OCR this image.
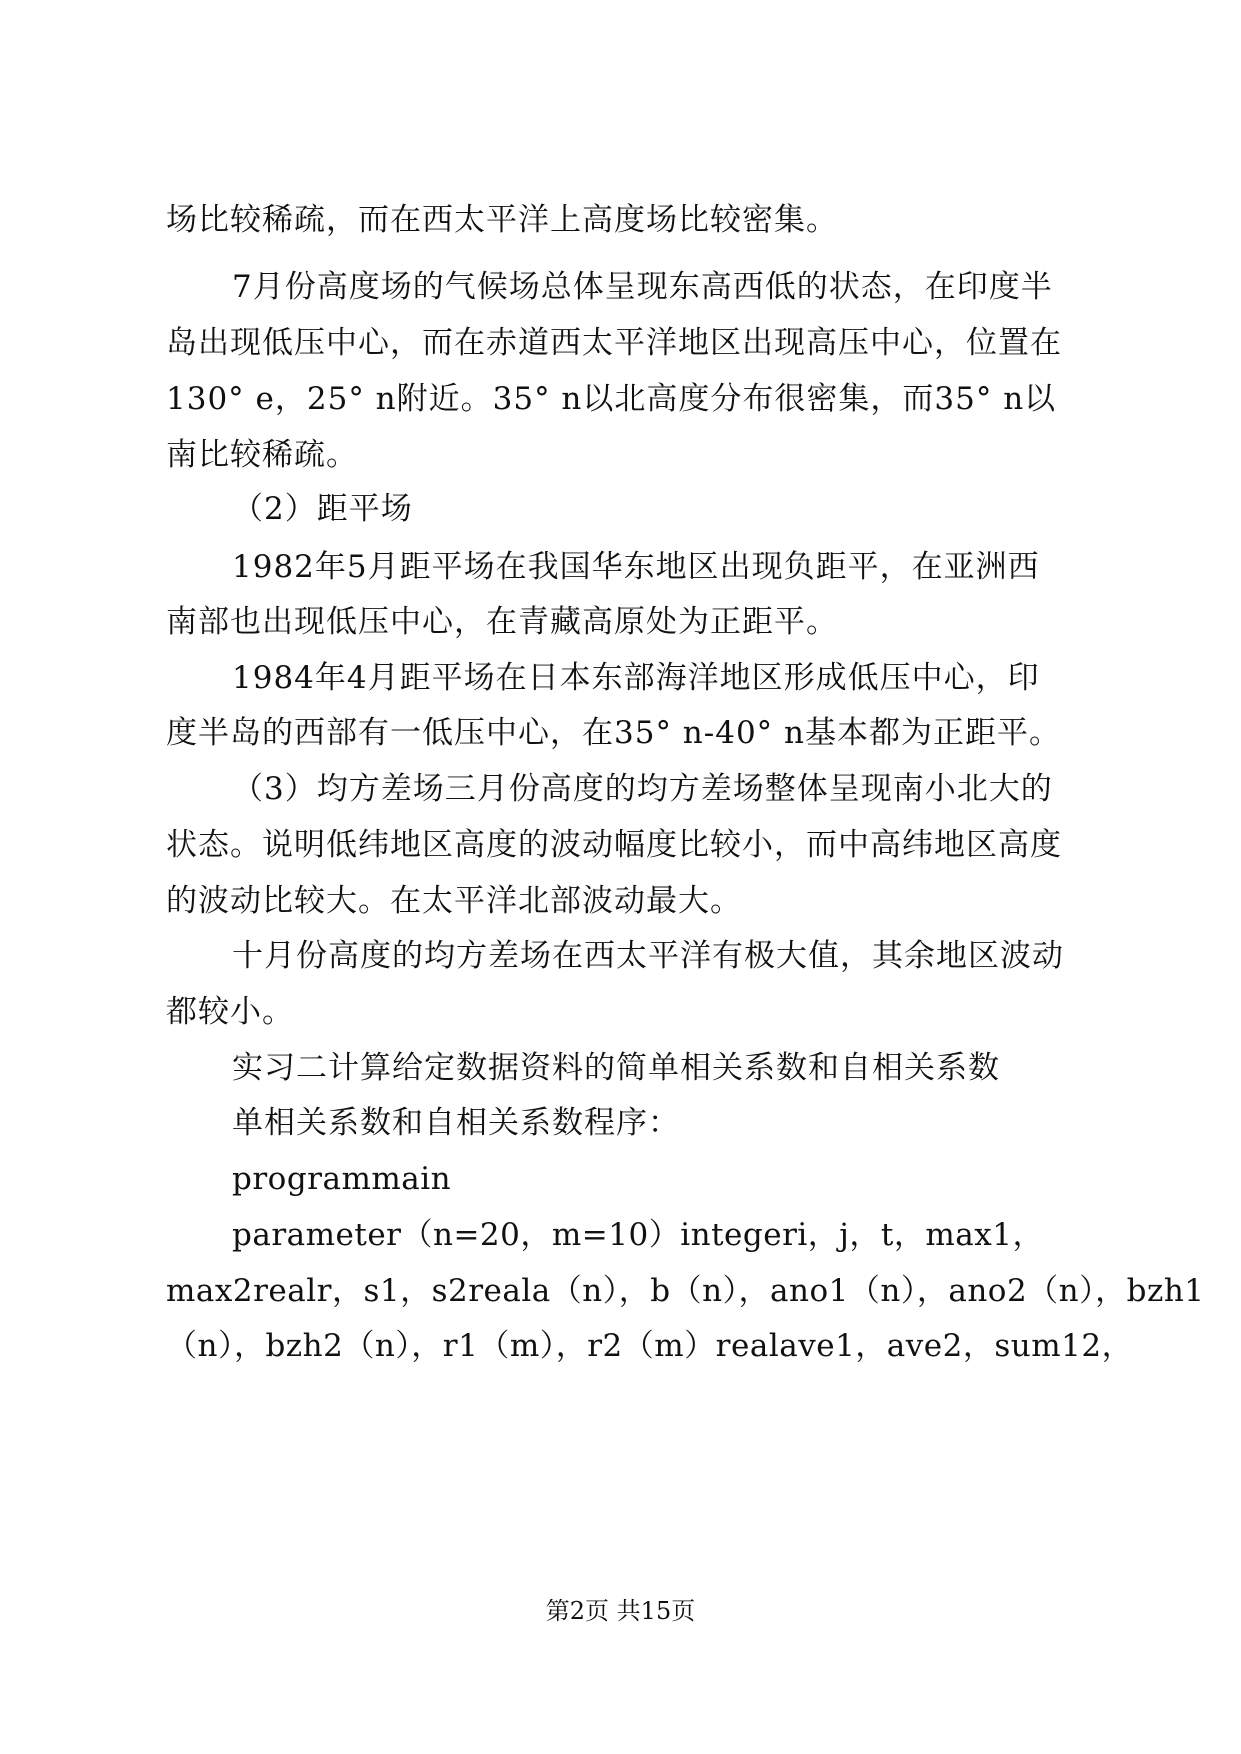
场比较稀疏，而在西太平洋上高度场比较密集。
7月份高度场的气候场总体呈现东高西低的状态，在印度半
岛出现低压中心，而在赤道西太平洋地区出现高压中心，位置在
130° e，25° n附近。35° n以北高度分布很密集，而35° n以
南比较稀疏。
（2）距平场
1982年5月距平场在我国华东地区出现负距平，在亚洲西
南部也出现低压中心，在青藏高原处为正距平。
1984年4月距平场在日本东部海洋地区形成低压中心，印
度半岛的西部有一低压中心，在35° n-40° n基本都为正距平。
（3）均方差场三月份高度的均方差场整体呈现南小北大的
状态。说明低纬地区高度的波动幅度比较小，而中高纬地区高度
的波动比较大。在太平洋北部波动最大。
十月份高度的均方差场在西太平洋有极大值，其余地区波动
都较小。
实习二计算给定数据资料的简单相关系数和自相关系数
单相关系数和自相关系数程序：
programmain
parameter（n=20，m=10）integeri，j，t，max1，
max2realr，s1，s2reala（n），b（n），ano1（n），ano2（n），bzh1
（n），bzh2（n），r1（m），r2（m）realave1，ave2，sum12，
第2页 共15页
